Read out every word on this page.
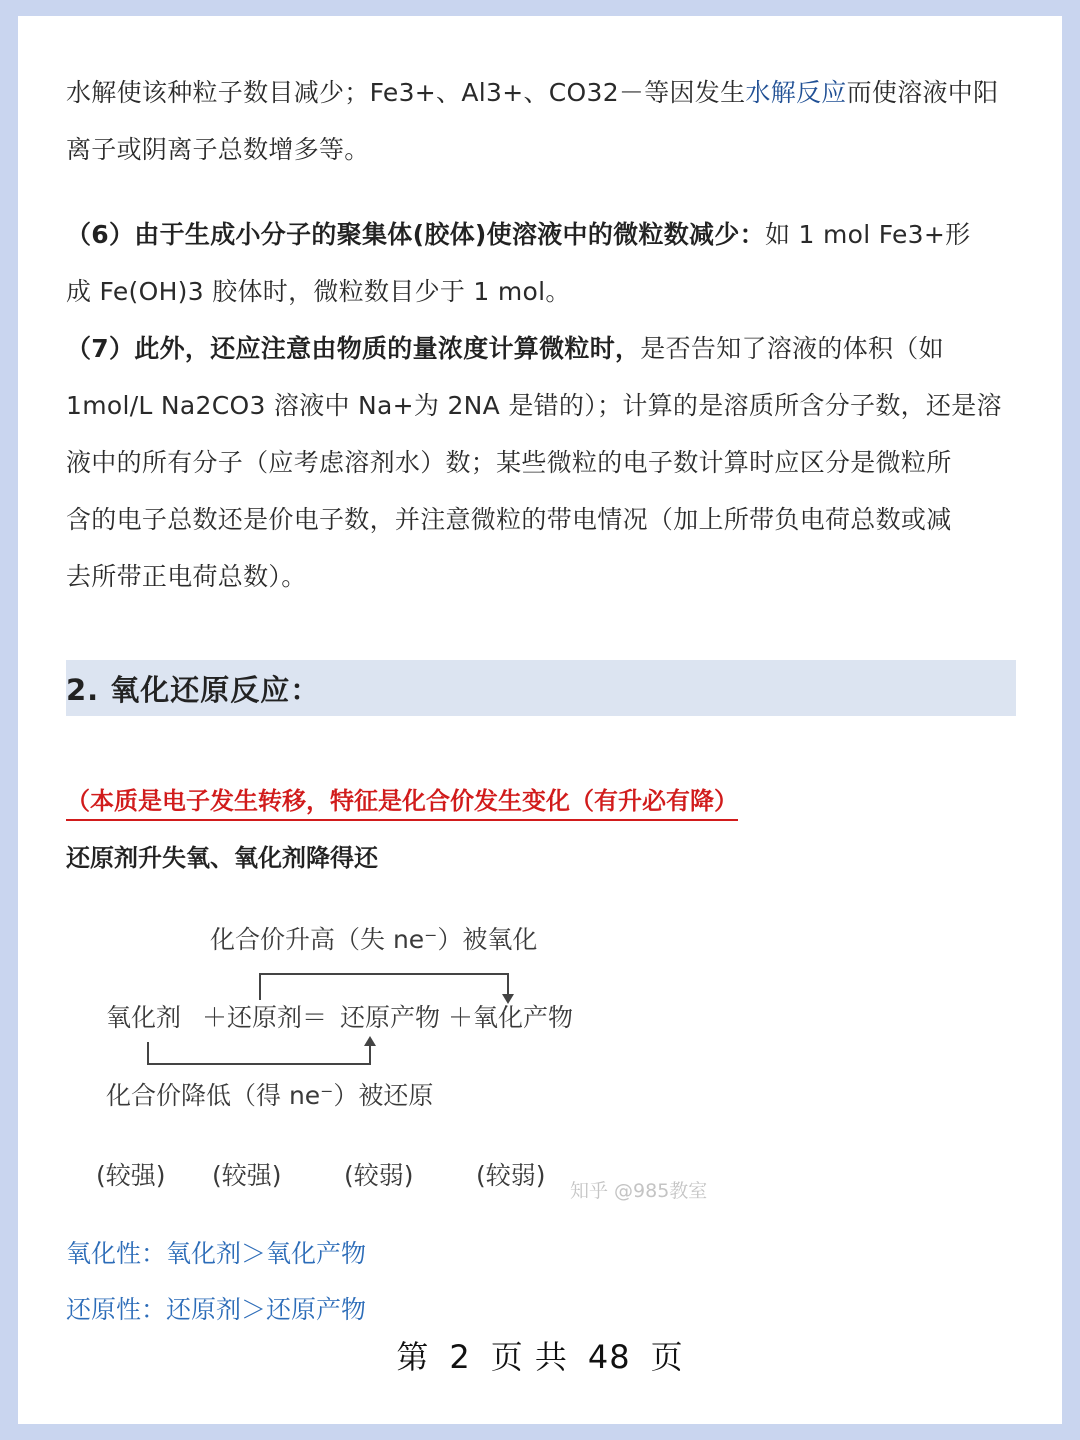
水解使该种粒子数目减少；Fe3+、Al3+、CO32－等因发生水解反应而使溶液中阳
离子或阴离子总数增多等。
（6）由于生成小分子的聚集体(胶体)使溶液中的微粒数减少：如 1 mol Fe3+形
成 Fe(OH)3 胶体时，微粒数目少于 1 mol。
（7）此外，还应注意由物质的量浓度计算微粒时，是否告知了溶液的体积（如
1mol/L Na2CO3 溶液中 Na+为 2NA 是错的）；计算的是溶质所含分子数，还是溶
液中的所有分子（应考虑溶剂水）数；某些微粒的电子数计算时应区分是微粒所
含的电子总数还是价电子数，并注意微粒的带电情况（加上所带负电荷总数或减
去所带正电荷总数）。
2. 氧化还原反应：
（本质是电子发生转移，特征是化合价发生变化（有升必有降）
还原剂升失氧、氧化剂降得还
化合价升高（失 ne⁻）被氧化
氧化剂 ＋还原剂＝ 还原产物 ＋氧化产物
化合价降低（得 ne⁻）被还原
(较强) (较强) (较弱) (较弱)
知乎 @985教室
氧化性：氧化剂＞氧化产物
还原性：还原剂＞还原产物
第 2 页 共 48 页
